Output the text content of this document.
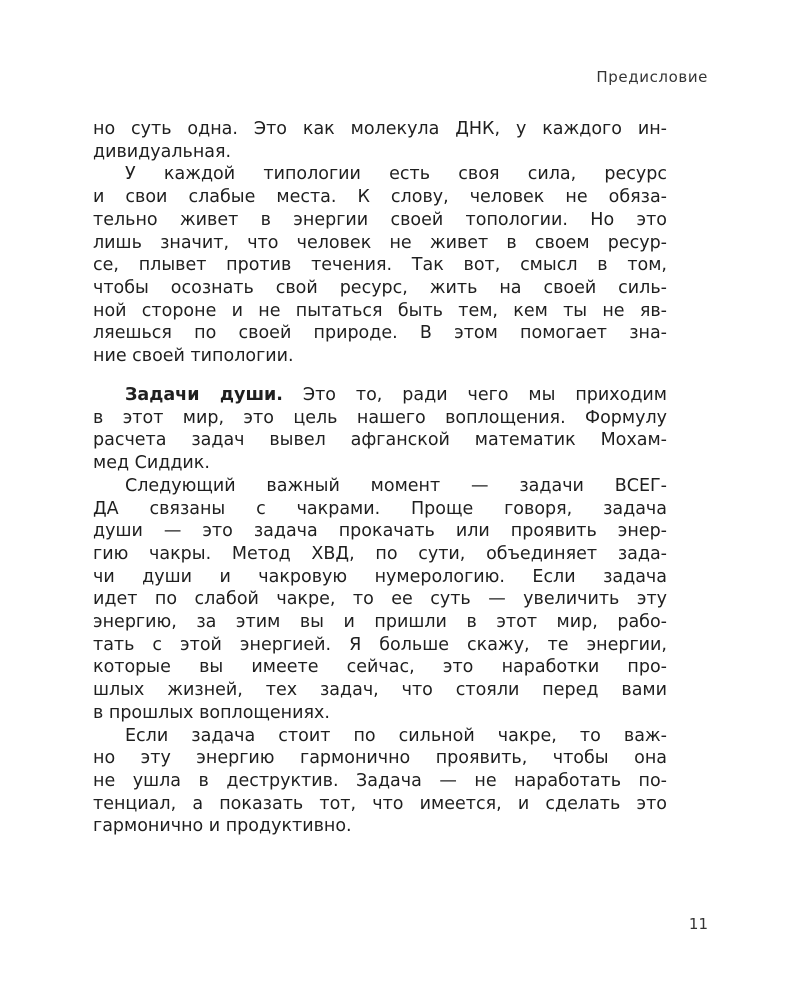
Предисловие

но суть одна. Это как молекула ДНК, у каждого ин-
дивидуальная.

У каждой типологии есть своя сила, ресурс
и свои слабые места. К слову, человек не обяза-
тельно живет в энергии своей топологии. Но это
лишь значит, что человек не живет в своем ресур-
се, плывет против течения. Так вот, смысл в том,
чтобы осознать свой ресурс, жить на своей силь-
ной стороне и не пытаться быть тем, кем ты не яв-
ляешься по своей природе. В этом помогает зна-
ние своей типологии.

Задачи души. Это то, ради чего мы приходим
в этот мир, это цель нашего воплощения. Формулу
расчета задач вывел афганской математик Мохам-
мед Сиддик.

Следующий важный момент — задачи ВСЕГ-
ДА связаны с чакрами. Проще говоря, задача
души — это задача прокачать или проявить энер-
гию чакры. Метод ХВД, по сути, объединяет зада-
чи души и чакровую нумерологию. Если задача
идет по слабой чакре, то ее суть — увеличить эту
энергию, за этим вы и пришли в этот мир, рабо-
тать с этой энергией. Я больше скажу, те энергии,
которые вы имеете сейчас, это наработки про-
шлых жизней, тех задач, что стояли перед вами
в прошлых воплощениях.

Если задача стоит по сильной чакре, то важ-
но эту энергию гармонично проявить, чтобы она
не ушла в деструктив. Задача — не наработать по-
тенциал, а показать тот, что имеется, и сделать это
гармонично и продуктивно.

11
